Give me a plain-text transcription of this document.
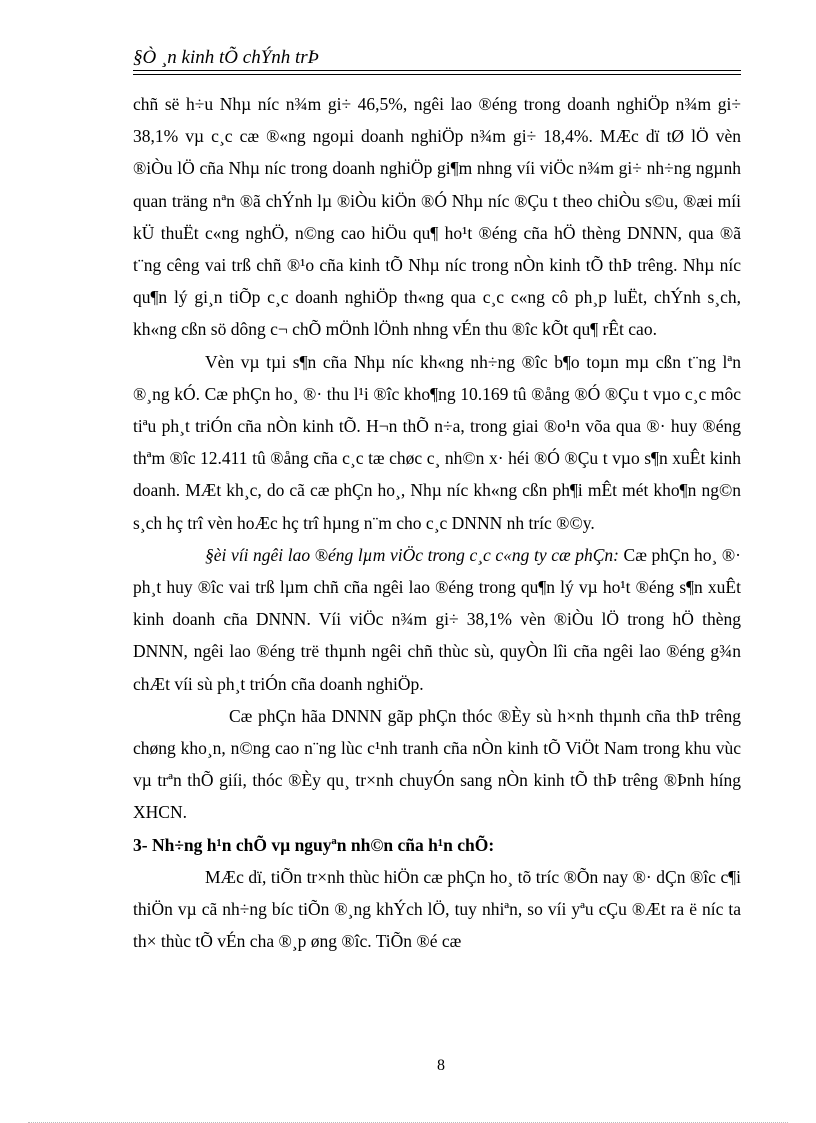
§Ò ¸n kinh tÕ chÝnh trÞ

chñ së h÷u Nhµ níc n¾m gi÷ 46,5%, ngêi lao ®éng trong doanh nghiÖp n¾m gi÷ 38,1% vµ c¸c cæ ®«ng ngoµi doanh nghiÖp n¾m gi÷ 18,4%. MÆc dï tØ lÖ vèn ®iÒu lÖ cña Nhµ níc trong doanh nghiÖp gi¶m nhng víi viÖc n¾m gi÷ nh÷ng ngµnh quan träng nªn ®ã chÝnh lµ ®iÒu kiÖn ®Ó Nhµ níc ®Çu t theo chiÒu s©u, ®æi míi kÜ thuËt c«ng nghÖ, n©ng cao hiÖu qu¶ ho¹t ®éng cña hÖ thèng DNNN, qua ®ã t¨ng cêng vai trß chñ ®¹o cña kinh tÕ Nhµ níc trong nÒn kinh tÕ thÞ trêng. Nhµ níc qu¶n lý gi¸n tiÕp c¸c doanh nghiÖp th«ng qua c¸c c«ng cô ph¸p luËt, chÝnh s¸ch, kh«ng cßn sö dông c¬ chÕ mÖnh lÖnh nhng vÉn thu ®îc kÕt qu¶ rÊt cao.

Vèn vµ tµi s¶n cña Nhµ níc kh«ng nh÷ng ®îc b¶o toµn mµ cßn t¨ng lªn ®¸ng kÓ. Cæ phÇn ho¸ ®· thu l¹i ®îc kho¶ng 10.169 tû ®ång ®Ó ®Çu t vµo c¸c môc tiªu ph¸t triÓn cña nÒn kinh tÕ. H¬n thÕ n÷a, trong giai ®o¹n võa qua ®· huy ®éng thªm ®îc 12.411 tû ®ång cña c¸c tæ chøc c¸ nh©n x· héi ®Ó ®Çu t vµo s¶n xuÊt kinh doanh. MÆt kh¸c, do cã cæ phÇn ho¸, Nhµ níc kh«ng cßn ph¶i mÊt mét kho¶n ng©n s¸ch hç trî vèn hoÆc hç trî hµng n¨m cho c¸c DNNN nh tríc ®©y.

§èi víi ngêi lao ®éng lµm viÖc trong c¸c c«ng ty cæ phÇn: Cæ phÇn ho¸ ®· ph¸t huy ®îc vai trß lµm chñ cña ngêi lao ®éng trong qu¶n lý vµ ho¹t ®éng s¶n xuÊt kinh doanh cña DNNN. Víi viÖc n¾m gi÷ 38,1% vèn ®iÒu lÖ trong hÖ thèng DNNN, ngêi lao ®éng trë thµnh ngêi chñ thùc sù, quyÒn lîi cña ngêi lao ®éng g¾n chÆt víi sù ph¸t triÓn cña doanh nghiÖp.

Cæ phÇn hãa DNNN gãp phÇn thóc ®Èy sù h×nh thµnh cña thÞ trêng chøng kho¸n, n©ng cao n¨ng lùc c¹nh tranh cña nÒn kinh tÕ ViÖt Nam trong khu vùc vµ trªn thÕ giíi, thóc ®Èy qu¸ tr×nh chuyÓn sang nÒn kinh tÕ thÞ trêng ®Þnh híng XHCN.

3- Nh÷ng h¹n chÕ vµ nguyªn nh©n cña h¹n chÕ:

MÆc dï, tiÕn tr×nh thùc hiÖn cæ phÇn ho¸ tõ tríc ®Õn nay ®· dÇn ®îc c¶i thiÖn vµ cã nh÷ng bíc tiÕn ®¸ng khÝch lÖ, tuy nhiªn, so víi yªu cÇu ®Æt ra ë níc ta th× thùc tÕ vÉn cha ®¸p øng ®îc. TiÕn ®é cæ

8
